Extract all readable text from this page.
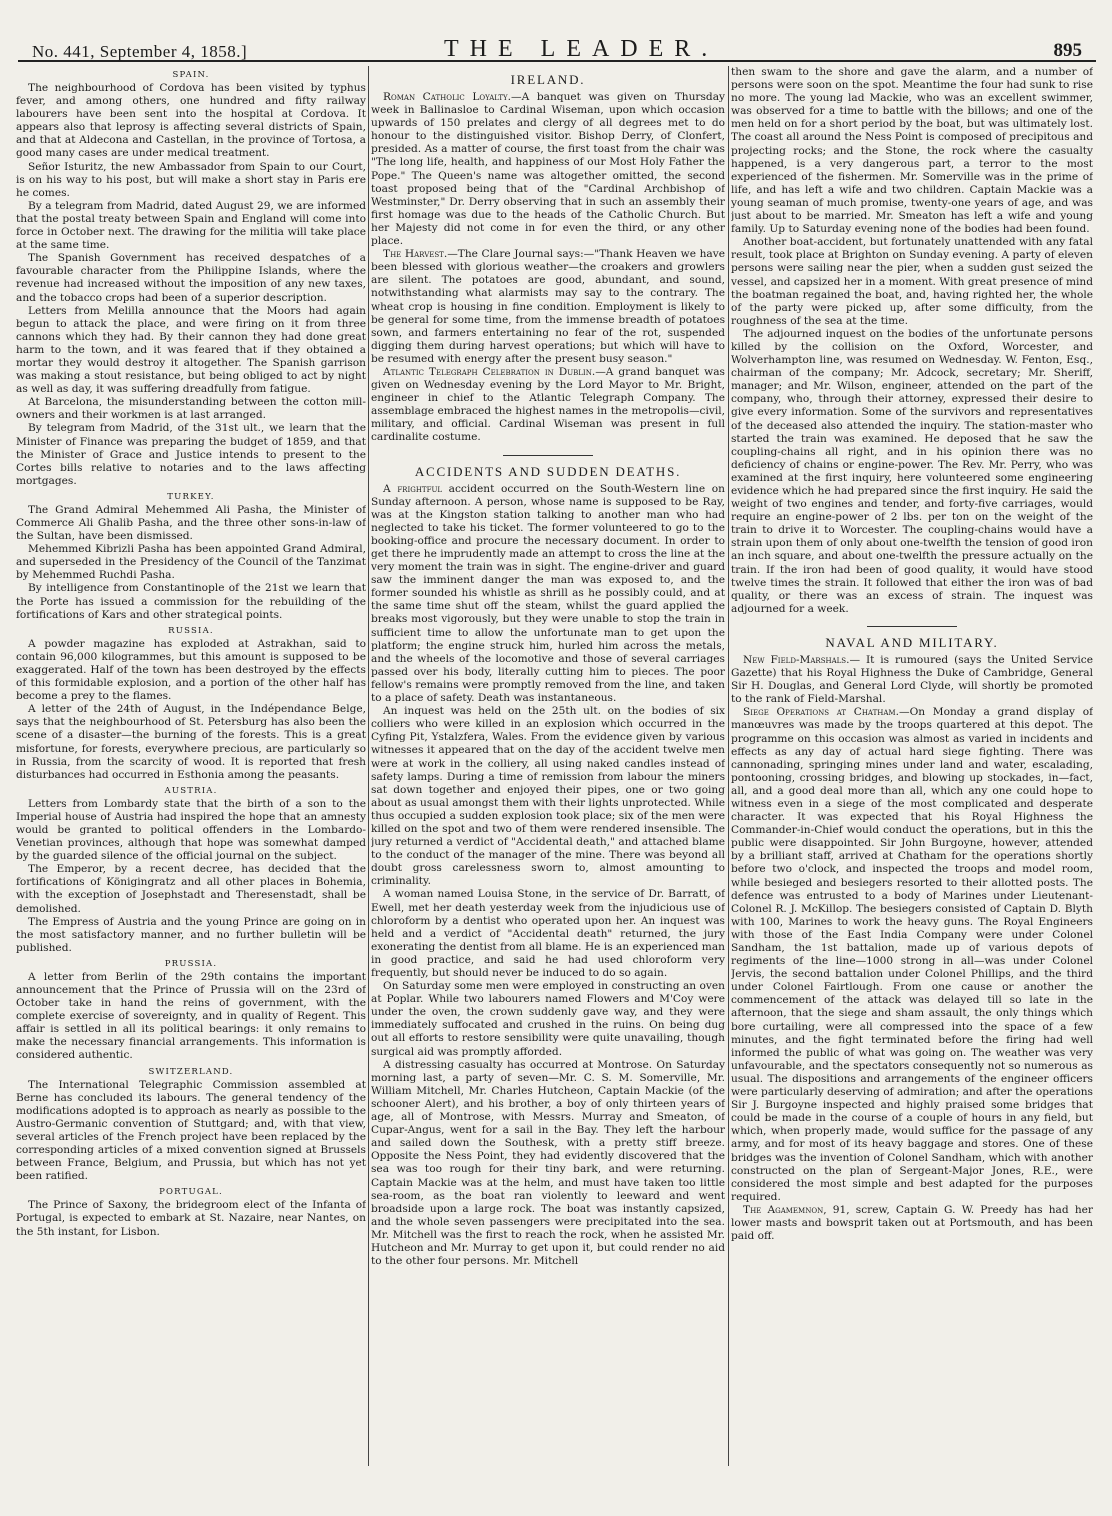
No. 441, September 4, 1858.]	THE LEADER.	895
SPAIN.

The neighbourhood of Cordova has been visited by typhus fever, and among others, one hundred and fifty railway labourers have been sent into the hospital at Cordova. It appears also that leprosy is affecting several districts of Spain, and that at Aldecona and Castellan, in the province of Tortosa, a good many cases are under medical treatment.

Señor Isturitz, the new Ambassador from Spain to our Court, is on his way to his post, but will make a short stay in Paris ere he comes.

By a telegram from Madrid, dated August 29, we are informed that the postal treaty between Spain and England will come into force in October next. The drawing for the militia will take place at the same time.

The Spanish Government has received despatches of a favourable character from the Philippine Islands, where the revenue had increased without the imposition of any new taxes, and the tobacco crops had been of a superior description.

Letters from Melilla announce that the Moors had again begun to attack the place, and were firing on it from three cannons which they had. By their cannon they had done great harm to the town, and it was feared that if they obtained a mortar they would destroy it altogether. The Spanish garrison was making a stout resistance, but being obliged to act by night as well as day, it was suffering dreadfully from fatigue.

At Barcelona, the misunderstanding between the cotton mill-owners and their workmen is at last arranged.

By telegram from Madrid, of the 31st ult., we learn that the Minister of Finance was preparing the budget of 1859, and that the Minister of Grace and Justice intends to present to the Cortes bills relative to notaries and to the laws affecting mortgages.

TURKEY.

The Grand Admiral Mehemmed Ali Pasha, the Minister of Commerce Ali Ghalib Pasha, and the three other sons-in-law of the Sultan, have been dismissed.

Mehemmed Kibrizli Pasha has been appointed Grand Admiral, and superseded in the Presidency of the Council of the Tanzimat by Mehemmed Ruchdi Pasha.

By intelligence from Constantinople of the 21st we learn that the Porte has issued a commission for the rebuilding of the fortifications of Kars and other strategical points.

RUSSIA.

A powder magazine has exploded at Astrakhan, said to contain 96,000 kilogrammes, but this amount is supposed to be exaggerated. Half of the town has been destroyed by the effects of this formidable explosion, and a portion of the other half has become a prey to the flames.

A letter of the 24th of August, in the Indépendance Belge, says that the neighbourhood of St. Petersburg has also been the scene of a disaster—the burning of the forests. This is a great misfortune, for forests, everywhere precious, are particularly so in Russia, from the scarcity of wood. It is reported that fresh disturbances had occurred in Esthonia among the peasants.

AUSTRIA.

Letters from Lombardy state that the birth of a son to the Imperial house of Austria had inspired the hope that an amnesty would be granted to political offenders in the Lombardo-Venetian provinces, although that hope was somewhat damped by the guarded silence of the official journal on the subject.

The Emperor, by a recent decree, has decided that the fortifications of Königingratz and all other places in Bohemia, with the exception of Josephstadt and Theresenstadt, shall be demolished.

The Empress of Austria and the young Prince are going on in the most satisfactory manner, and no further bulletin will be published.

PRUSSIA.

A letter from Berlin of the 29th contains the important announcement that the Prince of Prussia will on the 23rd of October take in hand the reins of government, with the complete exercise of sovereignty, and in quality of Regent. This affair is settled in all its political bearings: it only remains to make the necessary financial arrangements. This information is considered authentic.

SWITZERLAND.

The International Telegraphic Commission assembled at Berne has concluded its labours. The general tendency of the modifications adopted is to approach as nearly as possible to the Austro-Germanic convention of Stuttgard; and, with that view, several articles of the French project have been replaced by the corresponding articles of a mixed convention signed at Brussels between France, Belgium, and Prussia, but which has not yet been ratified.

PORTUGAL.

The Prince of Saxony, the bridegroom elect of the Infanta of Portugal, is expected to embark at St. Nazaire, near Nantes, on the 5th instant, for Lisbon.

IRELAND.

Roman Catholic Loyalty.—A banquet was given on Thursday week in Ballinasloe to Cardinal Wiseman, upon which occasion upwards of 150 prelates and clergy of all degrees met to do honour to the distinguished visitor. Bishop Derry, of Clonfert, presided. As a matter of course, the first toast from the chair was "The long life, health, and happiness of our Most Holy Father the Pope." The Queen's name was altogether omitted, the second toast proposed being that of the "Cardinal Archbishop of Westminster," Dr. Derry observing that in such an assembly their first homage was due to the heads of the Catholic Church. But her Majesty did not come in for even the third, or any other place.

The Harvest.—The Clare Journal says:—"Thank Heaven we have been blessed with glorious weather—the croakers and growlers are silent. The potatoes are good, abundant, and sound, notwithstanding what alarmists may say to the contrary. The wheat crop is housing in fine condition. Employment is likely to be general for some time, from the immense breadth of potatoes sown, and farmers entertaining no fear of the rot, suspended digging them during harvest operations; but which will have to be resumed with energy after the present busy season."

Atlantic Telegraph Celebration in Dublin.—A grand banquet was given on Wednesday evening by the Lord Mayor to Mr. Bright, engineer in chief to the Atlantic Telegraph Company. The assemblage embraced the highest names in the metropolis—civil, military, and official. Cardinal Wiseman was present in full cardinalite costume.

ACCIDENTS AND SUDDEN DEATHS.

A frightful accident occurred on the South-Western line on Sunday afternoon. A person, whose name is supposed to be Ray, was at the Kingston station talking to another man who had neglected to take his ticket. The former volunteered to go to the booking-office and procure the necessary document. In order to get there he imprudently made an attempt to cross the line at the very moment the train was in sight. The engine-driver and guard saw the imminent danger the man was exposed to, and the former sounded his whistle as shrill as he possibly could, and at the same time shut off the steam, whilst the guard applied the breaks most vigorously, but they were unable to stop the train in sufficient time to allow the unfortunate man to get upon the platform; the engine struck him, hurled him across the metals, and the wheels of the locomotive and those of several carriages passed over his body, literally cutting him to pieces. The poor fellow's remains were promptly removed from the line, and taken to a place of safety. Death was instantaneous.

An inquest was held on the 25th ult. on the bodies of six colliers who were killed in an explosion which occurred in the Cyfing Pit, Ystalzfera, Wales. From the evidence given by various witnesses it appeared that on the day of the accident twelve men were at work in the colliery, all using naked candles instead of safety lamps. During a time of remission from labour the miners sat down together and enjoyed their pipes, one or two going about as usual amongst them with their lights unprotected. While thus occupied a sudden explosion took place; six of the men were killed on the spot and two of them were rendered insensible. The jury returned a verdict of "Accidental death," and attached blame to the conduct of the manager of the mine. There was beyond all doubt gross carelessness sworn to, almost amounting to criminality.

A woman named Louisa Stone, in the service of Dr. Barratt, of Ewell, met her death yesterday week from the injudicious use of chloroform by a dentist who operated upon her. An inquest was held and a verdict of "Accidental death" returned, the jury exonerating the dentist from all blame. He is an experienced man in good practice, and said he had used chloroform very frequently, but should never be induced to do so again.

On Saturday some men were employed in constructing an oven at Poplar. While two labourers named Flowers and M'Coy were under the oven, the crown suddenly gave way, and they were immediately suffocated and crushed in the ruins. On being dug out all efforts to restore sensibility were quite unavailing, though surgical aid was promptly afforded.

A distressing casualty has occurred at Montrose. On Saturday morning last, a party of seven—Mr. C. S. M. Somerville, Mr. William Mitchell, Mr. Charles Hutcheon, Captain Mackie (of the schooner Alert), and his brother, a boy of only thirteen years of age, all of Montrose, with Messrs. Murray and Smeaton, of Cupar-Angus, went for a sail in the Bay. They left the harbour and sailed down the Southesk, with a pretty stiff breeze. Opposite the Ness Point, they had evidently discovered that the sea was too rough for their tiny bark, and were returning. Captain Mackie was at the helm, and must have taken too little sea-room, as the boat ran violently to leeward and went broadside upon a large rock. The boat was instantly capsized, and the whole seven passengers were precipitated into the sea. Mr. Mitchell was the first to reach the rock, when he assisted Mr. Hutcheon and Mr. Murray to get upon it, but could render no aid to the other four persons. Mr. Mitchell

then swam to the shore and gave the alarm, and a number of persons were soon on the spot. Meantime the four had sunk to rise no more. The young lad Mackie, who was an excellent swimmer, was observed for a time to battle with the billows; and one of the men held on for a short period by the boat, but was ultimately lost. The coast all around the Ness Point is composed of precipitous and projecting rocks; and the Stone, the rock where the casualty happened, is a very dangerous part, a terror to the most experienced of the fishermen. Mr. Somerville was in the prime of life, and has left a wife and two children. Captain Mackie was a young seaman of much promise, twenty-one years of age, and was just about to be married. Mr. Smeaton has left a wife and young family. Up to Saturday evening none of the bodies had been found.

Another boat-accident, but fortunately unattended with any fatal result, took place at Brighton on Sunday evening. A party of eleven persons were sailing near the pier, when a sudden gust seized the vessel, and capsized her in a moment. With great presence of mind the boatman regained the boat, and, having righted her, the whole of the party were picked up, after some difficulty, from the roughness of the sea at the time.

The adjourned inquest on the bodies of the unfortunate persons killed by the collision on the Oxford, Worcester, and Wolverhampton line, was resumed on Wednesday. W. Fenton, Esq., chairman of the company; Mr. Adcock, secretary; Mr. Sheriff, manager; and Mr. Wilson, engineer, attended on the part of the company, who, through their attorney, expressed their desire to give every information. Some of the survivors and representatives of the deceased also attended the inquiry. The station-master who started the train was examined. He deposed that he saw the coupling-chains all right, and in his opinion there was no deficiency of chains or engine-power. The Rev. Mr. Perry, who was examined at the first inquiry, here volunteered some engineering evidence which he had prepared since the first inquiry. He said the weight of two engines and tender, and forty-five carriages, would require an engine-power of 2 lbs. per ton on the weight of the train to drive it to Worcester. The coupling-chains would have a strain upon them of only about one-twelfth the tension of good iron an inch square, and about one-twelfth the pressure actually on the train. If the iron had been of good quality, it would have stood twelve times the strain. It followed that either the iron was of bad quality, or there was an excess of strain. The inquest was adjourned for a week.

NAVAL AND MILITARY.

New Field-Marshals.— It is rumoured (says the United Service Gazette) that his Royal Highness the Duke of Cambridge, General Sir H. Douglas, and General Lord Clyde, will shortly be promoted to the rank of Field-Marshal.

Siege Operations at Chatham.—On Monday a grand display of manœuvres was made by the troops quartered at this depot. The programme on this occasion was almost as varied in incidents and effects as any day of actual hard siege fighting. There was cannonading, springing mines under land and water, escalading, pontooning, crossing bridges, and blowing up stockades, in—fact, all, and a good deal more than all, which any one could hope to witness even in a siege of the most complicated and desperate character. It was expected that his Royal Highness the Commander-in-Chief would conduct the operations, but in this the public were disappointed. Sir John Burgoyne, however, attended by a brilliant staff, arrived at Chatham for the operations shortly before two o'clock, and inspected the troops and model room, while besieged and besiegers resorted to their allotted posts. The defence was entrusted to a body of Marines under Lieutenant-Colonel R. J. McKillop. The besiegers consisted of Captain D. Blyth with 100, Marines to work the heavy guns. The Royal Engineers with those of the East India Company were under Colonel Sandham, the 1st battalion, made up of various depots of regiments of the line—1000 strong in all—was under Colonel Jervis, the second battalion under Colonel Phillips, and the third under Colonel Fairtlough. From one cause or another the commencement of the attack was delayed till so late in the afternoon, that the siege and sham assault, the only things which bore curtailing, were all compressed into the space of a few minutes, and the fight terminated before the firing had well informed the public of what was going on. The weather was very unfavourable, and the spectators consequently not so numerous as usual. The dispositions and arrangements of the engineer officers were particularly deserving of admiration; and after the operations Sir J. Burgoyne inspected and highly praised some bridges that could be made in the course of a couple of hours in any field, but which, when properly made, would suffice for the passage of any army, and for most of its heavy baggage and stores. One of these bridges was the invention of Colonel Sandham, which with another constructed on the plan of Sergeant-Major Jones, R.E., were considered the most simple and best adapted for the purposes required.

The Agamemnon, 91, screw, Captain G. W. Preedy has had her lower masts and bowsprit taken out at Portsmouth, and has been paid off.
